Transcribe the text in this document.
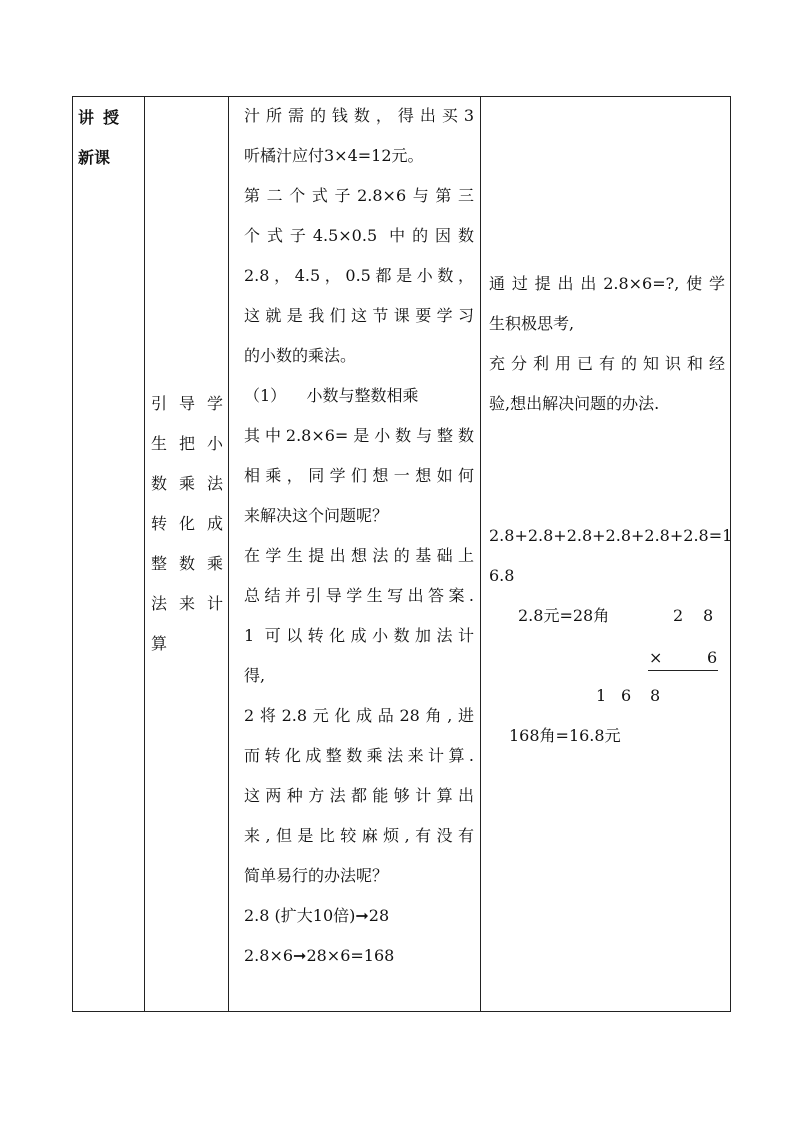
讲授
新课
引导学
生把小
数乘法
转化成
整数乘
法来计
算
汁所需的钱数，得出买3
听橘汁应付3×4=12元。
第二个式子2.8×6与第三
个式子4.5×0.5 中的因数
2.8，4.5，0.5都是小数，
这就是我们这节课要学习
的小数的乘法。
（1）    小数与整数相乘
其中2.8×6=是小数与整数
相乘，同学们想一想如何
来解决这个问题呢？
在学生提出想法的基础上
总结并引导学生写出答案.
1 可以转化成小数加法计
得,
2将2.8元化成品28角,进
而转化成整数乘法来计算.
这两种方法都能够计算出
来,但是比较麻烦,有没有
简单易行的办法呢？
2.8 (扩大10倍)➞28
2.8×6➞28×6=168
通过提出出2.8×6=?,使学
生积极思考,
充分利用已有的知识和经
验,想出解决问题的办法.
2.8+2.8+2.8+2.8+2.8+2.8=1
6.8
2.8元=28角	2 8
×	6
1 6 8
168角=16.8元
